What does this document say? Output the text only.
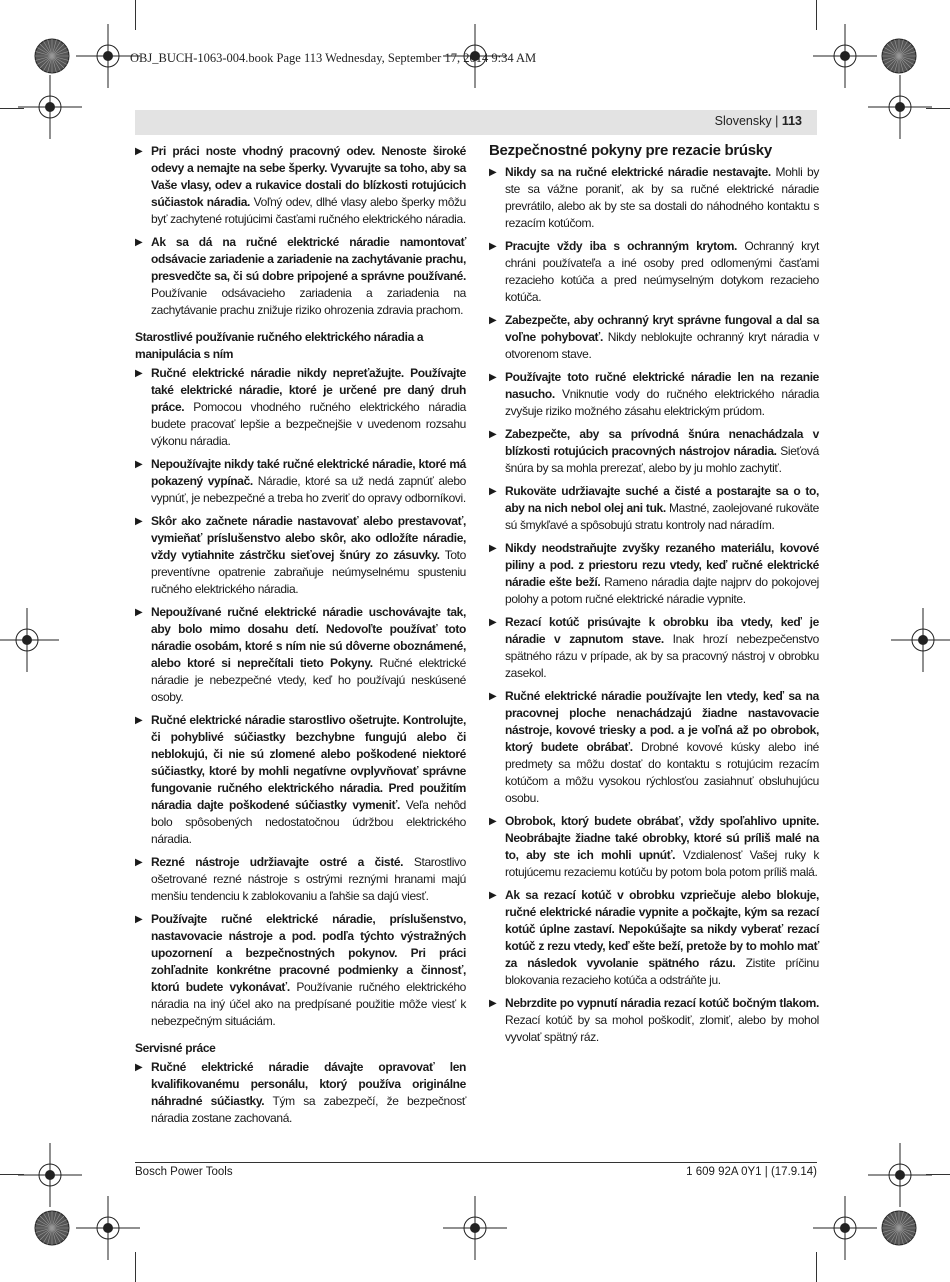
OBJ_BUCH-1063-004.book Page 113 Wednesday, September 17, 2014 9:34 AM
Slovensky | 113
▶ Pri práci noste vhodný pracovný odev. Nenoste široké odevy a nemajte na sebe šperky. Vyvarujte sa toho, aby sa Vaše vlasy, odev a rukavice dostali do blízkosti rotujúcich súčiastok náradia. Voľný odev, dlhé vlasy alebo šperky môžu byť zachytené rotujúcimi časťami ručného elektrického náradia.
▶ Ak sa dá na ručné elektrické náradie namontovať odsávacie zariadenie a zariadenie na zachytávanie prachu, presvedčte sa, či sú dobre pripojené a správne používané. Používanie odsávacieho zariadenia a zariadenia na zachytávanie prachu znižuje riziko ohrozenia zdravia prachom.
Starostlivé používanie ručného elektrického náradia a manipulácia s ním
▶ Ručné elektrické náradie nikdy nepreťažujte. Používajte také elektrické náradie, ktoré je určené pre daný druh práce. Pomocou vhodného ručného elektrického náradia budete pracovať lepšie a bezpečnejšie v uvedenom rozsahu výkonu náradia.
▶ Nepoužívajte nikdy také ručné elektrické náradie, ktoré má pokazený vypínač. Náradie, ktoré sa už nedá zapnúť alebo vypnúť, je nebezpečné a treba ho zveriť do opravy odborníkovi.
▶ Skôr ako začnete náradie nastavovať alebo prestavovať, vymieňať príslušenstvo alebo skôr, ako odložíte náradie, vždy vytiahnite zástrčku sieťovej šnúry zo zásuvky. Toto preventívne opatrenie zabraňuje neúmyselnému spusteniu ručného elektrického náradia.
▶ Nepoužívané ručné elektrické náradie uschovávajte tak, aby bolo mimo dosahu detí. Nedovoľte používať toto náradie osobám, ktoré s ním nie sú dôverne oboznámené, alebo ktoré si neprečítali tieto Pokyny. Ručné elektrické náradie je nebezpečné vtedy, keď ho používajú neskúsené osoby.
▶ Ručné elektrické náradie starostlivo ošetrujte. Kontrolujte, či pohyblivé súčiastky bezchybne fungujú alebo či neblokujú, či nie sú zlomené alebo poškodené niektoré súčiastky, ktoré by mohli negatívne ovplyvňovať správne fungovanie ručného elektrického náradia. Pred použitím náradia dajte poškodené súčiastky vymeniť. Veľa nehôd bolo spôsobených nedostatočnou údržbou elektrického náradia.
▶ Rezné nástroje udržiavajte ostré a čisté. Starostlivo ošetrované rezné nástroje s ostrými reznými hranami majú menšiu tendenciu k zablokovaniu a ľahšie sa dajú viesť.
▶ Používajte ručné elektrické náradie, príslušenstvo, nastavovacie nástroje a pod. podľa týchto výstražných upozornení a bezpečnostných pokynov. Pri práci zohľadnite konkrétne pracovné podmienky a činnosť, ktorú budete vykonávať. Používanie ručného elektrického náradia na iný účel ako na predpísané použitie môže viesť k nebezpečným situáciám.
Servisné práce
▶ Ručné elektrické náradie dávajte opravovať len kvalifikovanému personálu, ktorý používa originálne náhradné súčiastky. Tým sa zabezpečí, že bezpečnosť náradia zostane zachovaná.
Bezpečnostné pokyny pre rezacie brúsky
▶ Nikdy sa na ručné elektrické náradie nestavajte. Mohli by ste sa vážne poraniť, ak by sa ručné elektrické náradie prevrátilo, alebo ak by ste sa dostali do náhodného kontaktu s rezacím kotúčom.
▶ Pracujte vždy iba s ochranným krytom. Ochranný kryt chráni používateľa a iné osoby pred odlomenými časťami rezacieho kotúča a pred neúmyselným dotykom rezacieho kotúča.
▶ Zabezpečte, aby ochranný kryt správne fungoval a dal sa voľne pohybovať. Nikdy neblokujte ochranný kryt náradia v otvorenom stave.
▶ Používajte toto ručné elektrické náradie len na rezanie nasucho. Vniknutie vody do ručného elektrického náradia zvyšuje riziko možného zásahu elektrickým prúdom.
▶ Zabezpečte, aby sa prívodná šnúra nenachádzala v blízkosti rotujúcich pracovných nástrojov náradia. Sieťová šnúra by sa mohla prerezať, alebo by ju mohlo zachytiť.
▶ Rukoväte udržiavajte suché a čisté a postarajte sa o to, aby na nich nebol olej ani tuk. Mastné, zaolejované rukoväte sú šmykľavé a spôsobujú stratu kontroly nad náradím.
▶ Nikdy neodstraňujte zvyšky rezaného materiálu, kovové piliny a pod. z priestoru rezu vtedy, keď ručné elektrické náradie ešte beží. Rameno náradia dajte najprv do pokojovej polohy a potom ručné elektrické náradie vypnite.
▶ Rezací kotúč prisúvajte k obrobku iba vtedy, keď je náradie v zapnutom stave. Inak hrozí nebezpečenstvo spätného rázu v prípade, ak by sa pracovný nástroj v obrobku zasekol.
▶ Ručné elektrické náradie používajte len vtedy, keď sa na pracovnej ploche nenachádzajú žiadne nastavovacie nástroje, kovové triesky a pod. a je voľná až po obrobok, ktorý budete obrábať. Drobné kovové kúsky alebo iné predmety sa môžu dostať do kontaktu s rotujúcim rezacím kotúčom a môžu vysokou rýchlosťou zasiahnuť obsluhujúcu osobu.
▶ Obrobok, ktorý budete obrábať, vždy spoľahlivo upnite. Neobrábajte žiadne také obrobky, ktoré sú príliš malé na to, aby ste ich mohli upnúť. Vzdialenosť Vašej ruky k rotujúcemu rezaciemu kotúču by potom bola potom príliš malá.
▶ Ak sa rezací kotúč v obrobku vzpriečuje alebo blokuje, ručné elektrické náradie vypnite a počkajte, kým sa rezací kotúč úplne zastaví. Nepokúšajte sa nikdy vyberať rezací kotúč z rezu vtedy, keď ešte beží, pretože by to mohlo mať za následok vyvolanie spätného rázu. Zistite príčinu blokovania rezacieho kotúča a odstráňte ju.
▶ Nebrzdite po vypnutí náradia rezací kotúč bočným tlakom. Rezací kotúč by sa mohol poškodiť, zlomiť, alebo by mohol vyvolať spätný ráz.
Bosch Power Tools	1 609 92A 0Y1 | (17.9.14)
